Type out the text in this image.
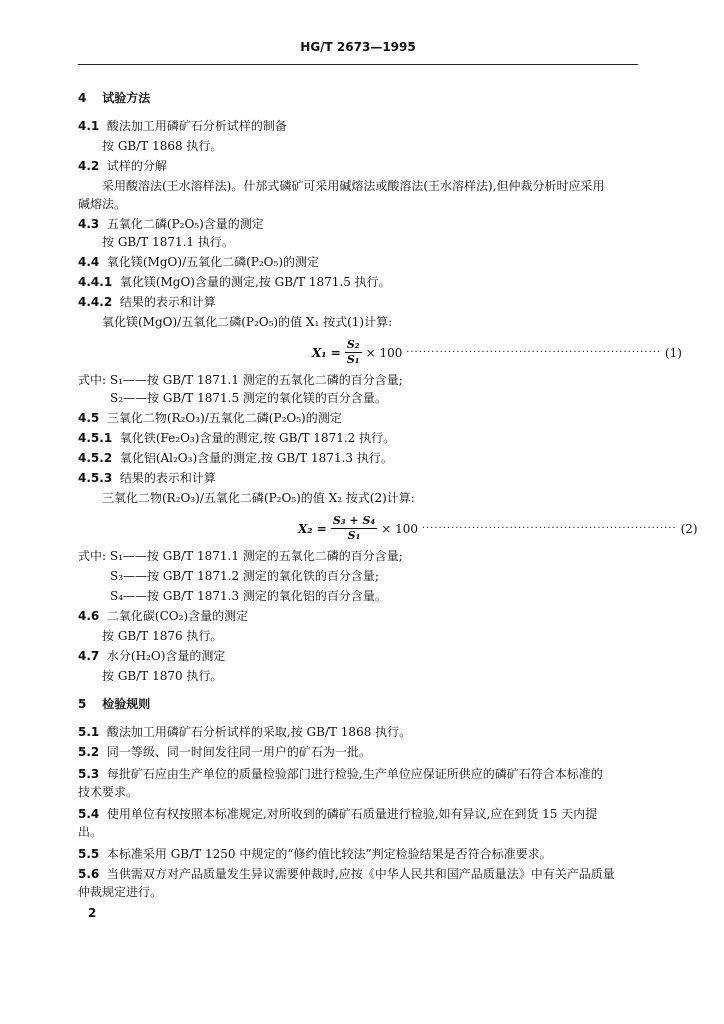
HG/T 2673—1995
4 试验方法
4.1 酸法加工用磷矿石分析试样的制备
按 GB/T 1868 执行。
4.2 试样的分解
采用酸溶法(王水溶样法)。什邡式磷矿可采用碱熔法或酸溶法(王水溶样法),但仲裁分析时应采用
碱熔法。
4.3 五氧化二磷(P₂O₅)含量的测定
按 GB/T 1871.1 执行。
4.4 氧化镁(MgO)/五氧化二磷(P₂O₅)的测定
4.4.1 氧化镁(MgO)含量的测定,按 GB/T 1871.5 执行。
4.4.2 结果的表示和计算
氧化镁(MgO)/五氧化二磷(P₂O₅)的值 X₁ 按式(1)计算:
$X_1 = \frac{\text{S₂}}{\text{S₁}} \times 100$
·····························································
(1)
式中: S₁——按 GB/T 1871.1 测定的五氧化二磷的百分含量;
S₂——按 GB/T 1871.5 测定的氧化镁的百分含量。
4.5 三氧化二物(R₂O₃)/五氧化二磷(P₂O₅)的测定
4.5.1 氧化铁(Fe₂O₃)含量的测定,按 GB/T 1871.2 执行。
4.5.2 氧化铝(Al₂O₃)含量的测定,按 GB/T 1871.3 执行。
4.5.3 结果的表示和计算
三氧化二物(R₂O₃)/五氧化二磷(P₂O₅)的值 X₂ 按式(2)计算:
$X_2 = \frac{\text{S₃ + S₄}}{\text{S₁}} \times 100$
·····························································
(2)
式中: S₁——按 GB/T 1871.1 测定的五氧化二磷的百分含量;
S₃——按 GB/T 1871.2 测定的氧化铁的百分含量;
S₄——按 GB/T 1871.3 测定的氧化铝的百分含量。
4.6 二氧化碳(CO₂)含量的测定
按 GB/T 1876 执行。
4.7 水分(H₂O)含量的测定
按 GB/T 1870 执行。
5 检验规则
5.1 酸法加工用磷矿石分析试样的采取,按 GB/T 1868 执行。
5.2 同一等级、同一时间发往同一用户的矿石为一批。
5.3 每批矿石应由生产单位的质量检验部门进行检验,生产单位应保证所供应的磷矿石符合本标准的
技术要求。
5.4 使用单位有权按照本标准规定,对所收到的磷矿石质量进行检验,如有异议,应在到货 15 天内提
出。
5.5 本标准采用 GB/T 1250 中规定的“修约值比较法”判定检验结果是否符合标准要求。
5.6 当供需双方对产品质量发生异议需要仲裁时,应按《中华人民共和国产品质量法》中有关产品质量
仲裁规定进行。
2
